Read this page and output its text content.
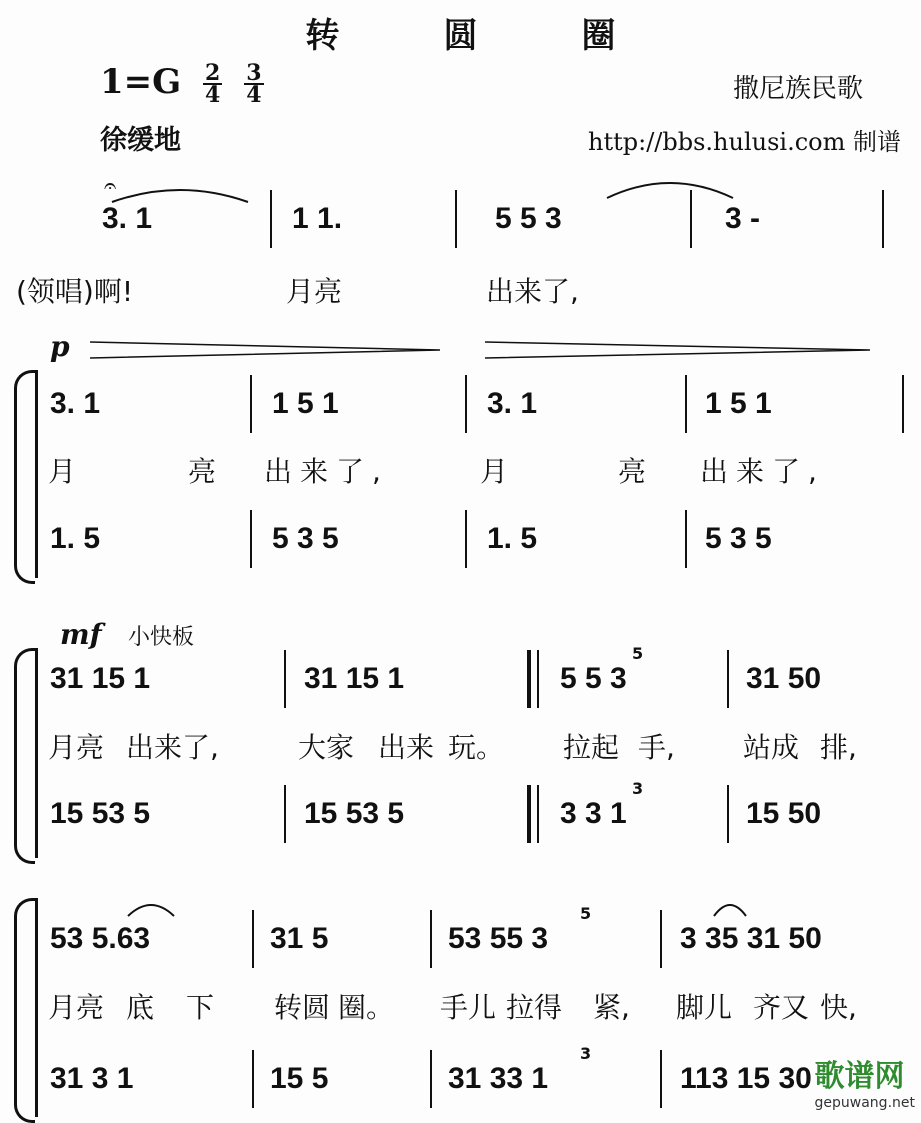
转	圆	圈
$1=G \frac{2}{4}$
$\frac{3}{4}$	撒尼族民歌
徐缓地	http://bbs.hulusi.com 制谱
𝄐
3. 1	1 1.	5 5 3	3 -
(领唱)啊!	月亮	出来了,
p
3. 1	1 5 1	3. 1	1 5 1
月	亮 出来了,	月	亮 出来了,
1. 5	5 3 5	1. 5	5 3 5
mf 小快板
31 15 1	31 15 1	5 5 3
5
31 50
月亮 出来了,	大家 出来 玩。 拉起 手, 站成 排,
15 53 5	15 53 5	3 3 1
3
15 50
53 5.63	31 5	53 55 3
5
3 35 31 50
月亮 底 下 转圆 圈。 手儿 拉得 紧, 脚儿 齐又 快,
31 3 1	15 5	31 33 1
3
113 15 30 歌谱网
gepuwang.net
